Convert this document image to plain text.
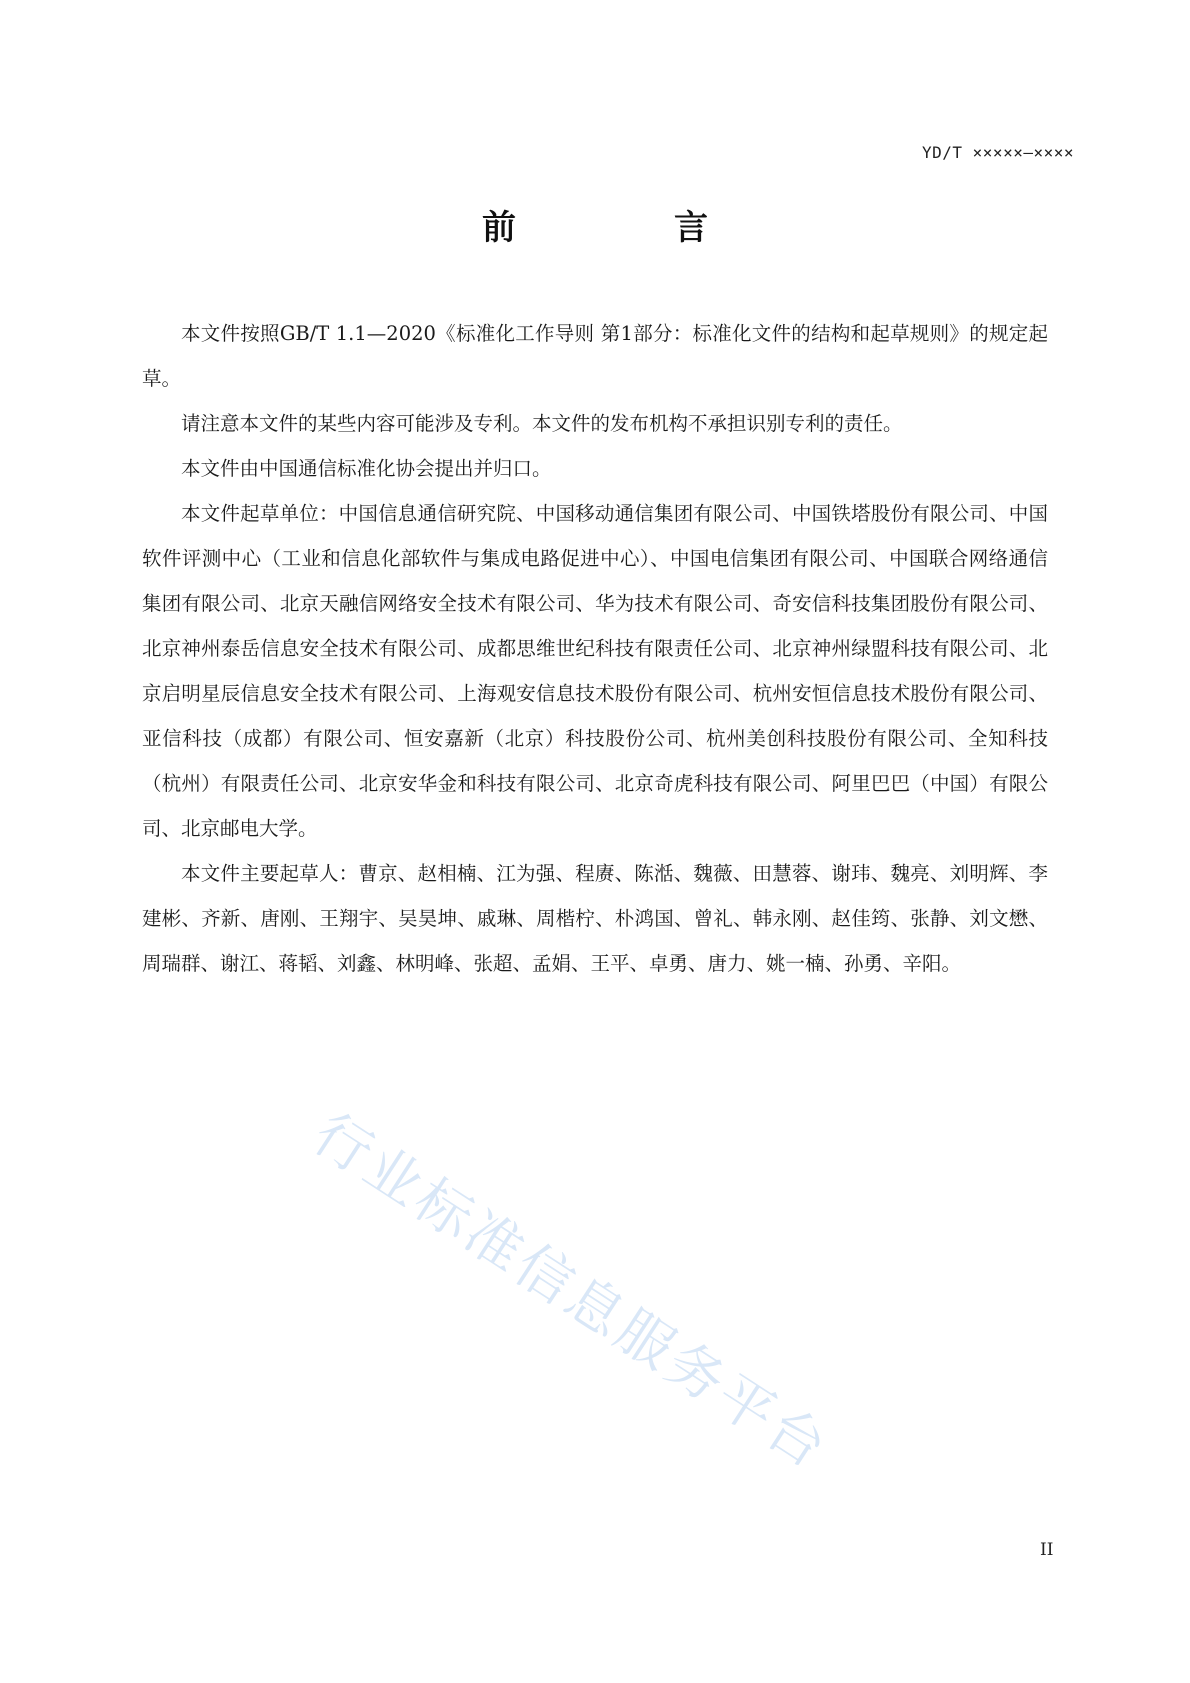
YD/T ×××××—××××
前　言

本文件按照GB/T 1.1—2020《标准化工作导则 第1部分：标准化文件的结构和起草规则》的规定起草。

请注意本文件的某些内容可能涉及专利。本文件的发布机构不承担识别专利的责任。

本文件由中国通信标准化协会提出并归口。

本文件起草单位：中国信息通信研究院、中国移动通信集团有限公司、中国铁塔股份有限公司、中国软件评测中心（工业和信息化部软件与集成电路促进中心）、中国电信集团有限公司、中国联合网络通信集团有限公司、北京天融信网络安全技术有限公司、华为技术有限公司、奇安信科技集团股份有限公司、北京神州泰岳信息安全技术有限公司、成都思维世纪科技有限责任公司、北京神州绿盟科技有限公司、北京启明星辰信息安全技术有限公司、上海观安信息技术股份有限公司、杭州安恒信息技术股份有限公司、亚信科技（成都）有限公司、恒安嘉新（北京）科技股份公司、杭州美创科技股份有限公司、全知科技（杭州）有限责任公司、北京安华金和科技有限公司、北京奇虎科技有限公司、阿里巴巴（中国）有限公司、北京邮电大学。

本文件主要起草人：曹京、赵相楠、江为强、程赓、陈湉、魏薇、田慧蓉、谢玮、魏亮、刘明辉、李建彬、齐新、唐刚、王翔宇、吴昊坤、戚琳、周楷柠、朴鸿国、曾礼、韩永刚、赵佳筠、张静、刘文懋、周瑞群、谢江、蒋韬、刘鑫、林明峰、张超、孟娟、王平、卓勇、唐力、姚一楠、孙勇、辛阳。

行业标准信息服务平台
II
